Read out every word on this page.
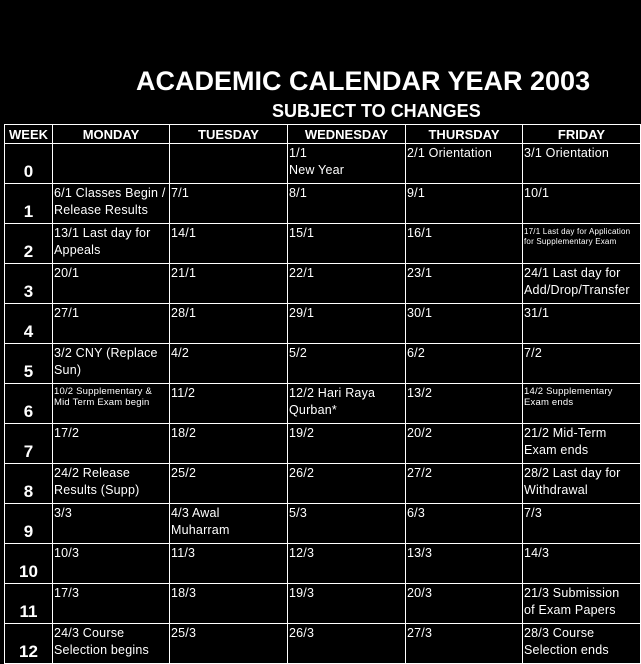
ACADEMIC CALENDAR YEAR 2003
SUBJECT TO CHANGES
WEEK	MONDAY	TUESDAY	WEDNESDAY	THURSDAY	FRIDAY
0			1/1
New Year	2/1 Orientation	3/1 Orientation

1	6/1 Classes Begin /
Release Results	7/1	8/1	9/1	10/1

2	13/1 Last day for
Appeals	14/1	15/1	16/1	17/1 Last day for Application for Supplementary Exam

3	20/1	21/1	22/1	23/1	24/1 Last day for
Add/Drop/Transfer

4	27/1	28/1	29/1	30/1	31/1

5	3/2 CNY (Replace
Sun)	4/2	5/2	6/2	7/2

6	10/2 Supplementary & Mid Term Exam begin	11/2	12/2 Hari Raya
Qurban*	13/2	14/2 Supplementary Exam ends

7	17/2	18/2	19/2	20/2	21/2 Mid-Term
Exam ends

8	24/2 Release
Results (Supp)	25/2	26/2	27/2	28/2 Last day for
Withdrawal

9	3/3	4/3 Awal
Muharram	5/3	6/3	7/3

10	10/3	11/3	12/3	13/3	14/3

11	17/3	18/3	19/3	20/3	21/3 Submission
of Exam Papers

12	24/3 Course
Selection begins	25/3	26/3	27/3	28/3 Course
Selection ends
